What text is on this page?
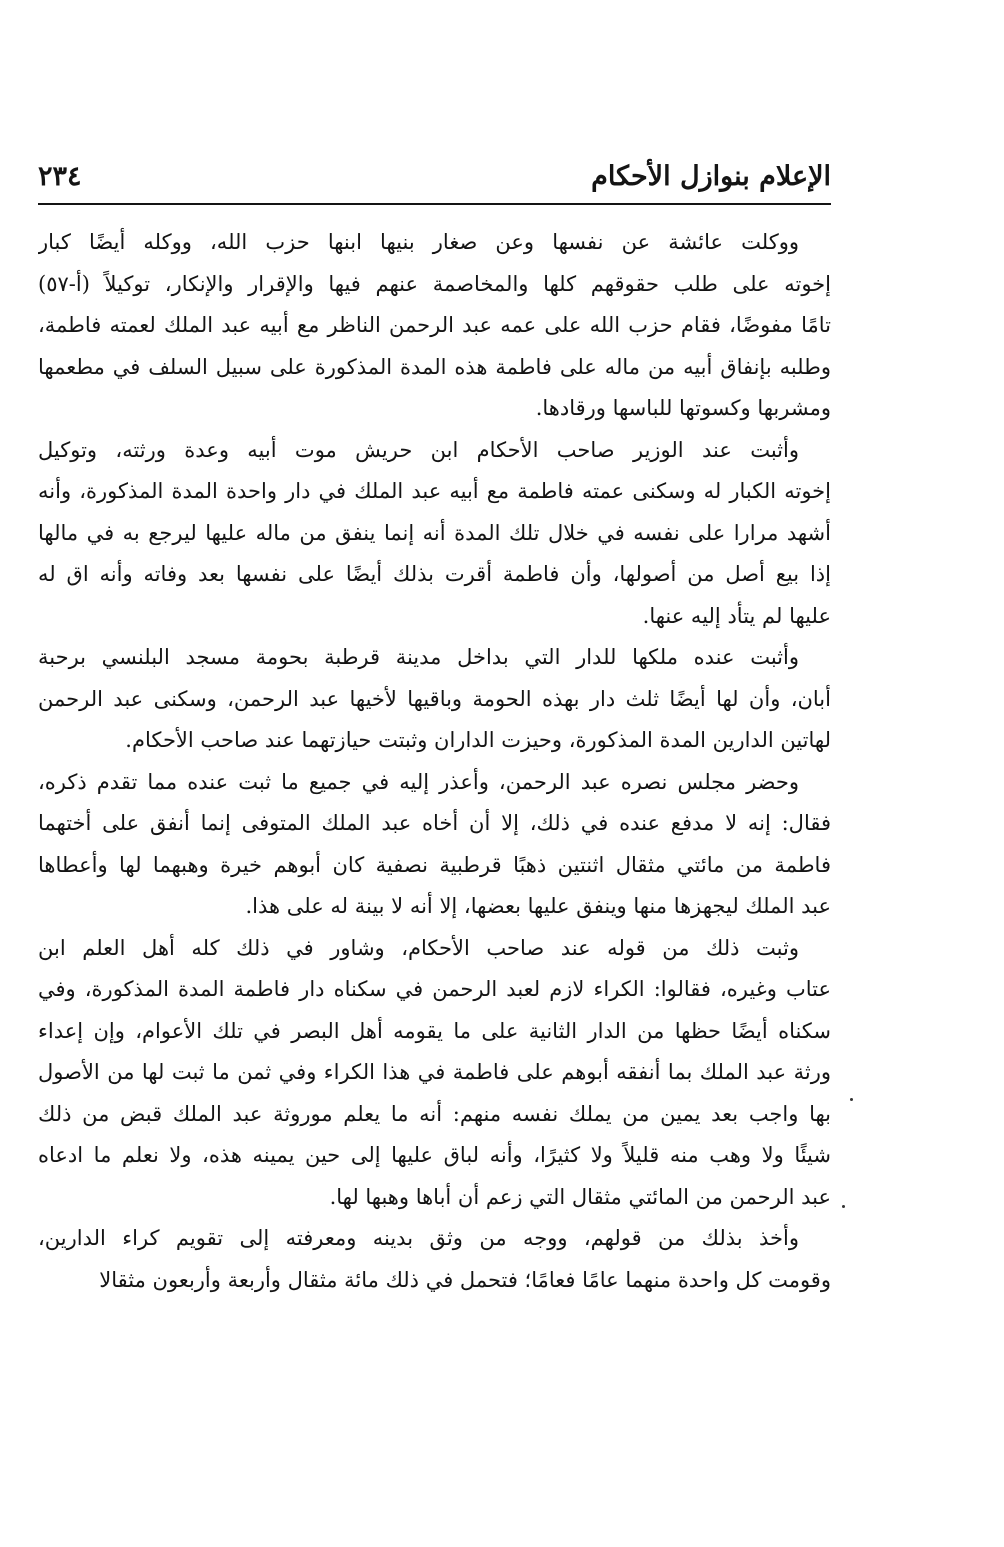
الإعلام بنوازل الأحكام
٢٣٤
ووكلت عائشة عن نفسها وعن صغار بنيها ابنها حزب الله، ووكله أيضًا كبار
إخوته على طلب حقوقهم كلها والمخاصمة عنهم فيها والإقرار والإنكار، توكيلاً (أ-٥٧)
تامًا مفوضًا، فقام حزب الله على عمه عبد الرحمن الناظر مع أبيه عبد الملك لعمته فاطمة،
وطلبه بإنفاق أبيه من ماله على فاطمة هذه المدة المذكورة على سبيل السلف في مطعمها
ومشربها وكسوتها للباسها ورقادها.
وأثبت عند الوزير صاحب الأحكام ابن حريش موت أبيه وعدة ورثته، وتوكيل
إخوته الكبار له وسكنى عمته فاطمة مع أبيه عبد الملك في دار واحدة المدة المذكورة، وأنه
أشهد مرارا على نفسه في خلال تلك المدة أنه إنما ينفق من ماله عليها ليرجع به في مالها
إذا بيع أصل من أصولها، وأن فاطمة أقرت بذلك أيضًا على نفسها بعد وفاته وأنه اق له
عليها لم يتأد إليه عنها.
وأثبت عنده ملكها للدار التي بداخل مدينة قرطبة بحومة مسجد البلنسي برحبة
أبان، وأن لها أيضًا ثلث دار بهذه الحومة وباقيها لأخيها عبد الرحمن، وسكنى عبد الرحمن
لهاتين الدارين المدة المذكورة، وحيزت الداران وثبتت حيازتهما عند صاحب الأحكام.
وحضر مجلس نصره عبد الرحمن، وأعذر إليه في جميع ما ثبت عنده مما تقدم ذكره،
فقال: إنه لا مدفع عنده في ذلك، إلا أن أخاه عبد الملك المتوفى إنما أنفق على أختهما
فاطمة من مائتي مثقال اثنتين ذهبًا قرطبية نصفية كان أبوهم خيرة وهبهما لها وأعطاها
عبد الملك ليجهزها منها وينفق عليها بعضها، إلا أنه لا بينة له على هذا.
وثبت ذلك من قوله عند صاحب الأحكام، وشاور في ذلك كله أهل العلم ابن
عتاب وغيره، فقالوا: الكراء لازم لعبد الرحمن في سكناه دار فاطمة المدة المذكورة، وفي
سكناه أيضًا حظها من الدار الثانية على ما يقومه أهل البصر في تلك الأعوام، وإن إعداء
ورثة عبد الملك بما أنفقه أبوهم على فاطمة في هذا الكراء وفي ثمن ما ثبت لها من الأصول
بها واجب بعد يمين من يملك نفسه منهم: أنه ما يعلم موروثة عبد الملك قبض من ذلك
شيئًا ولا وهب منه قليلاً ولا كثيرًا، وأنه لباق عليها إلى حين يمينه هذه، ولا نعلم ما ادعاه
عبد الرحمن من المائتي مثقال التي زعم أن أباها وهبها لها.
وأخذ بذلك من قولهم، ووجه من وثق بدينه ومعرفته إلى تقويم كراء الدارين،
وقومت كل واحدة منهما عامًا فعامًا؛ فتحمل في ذلك مائة مثقال وأربعة وأربعون مثقالا
